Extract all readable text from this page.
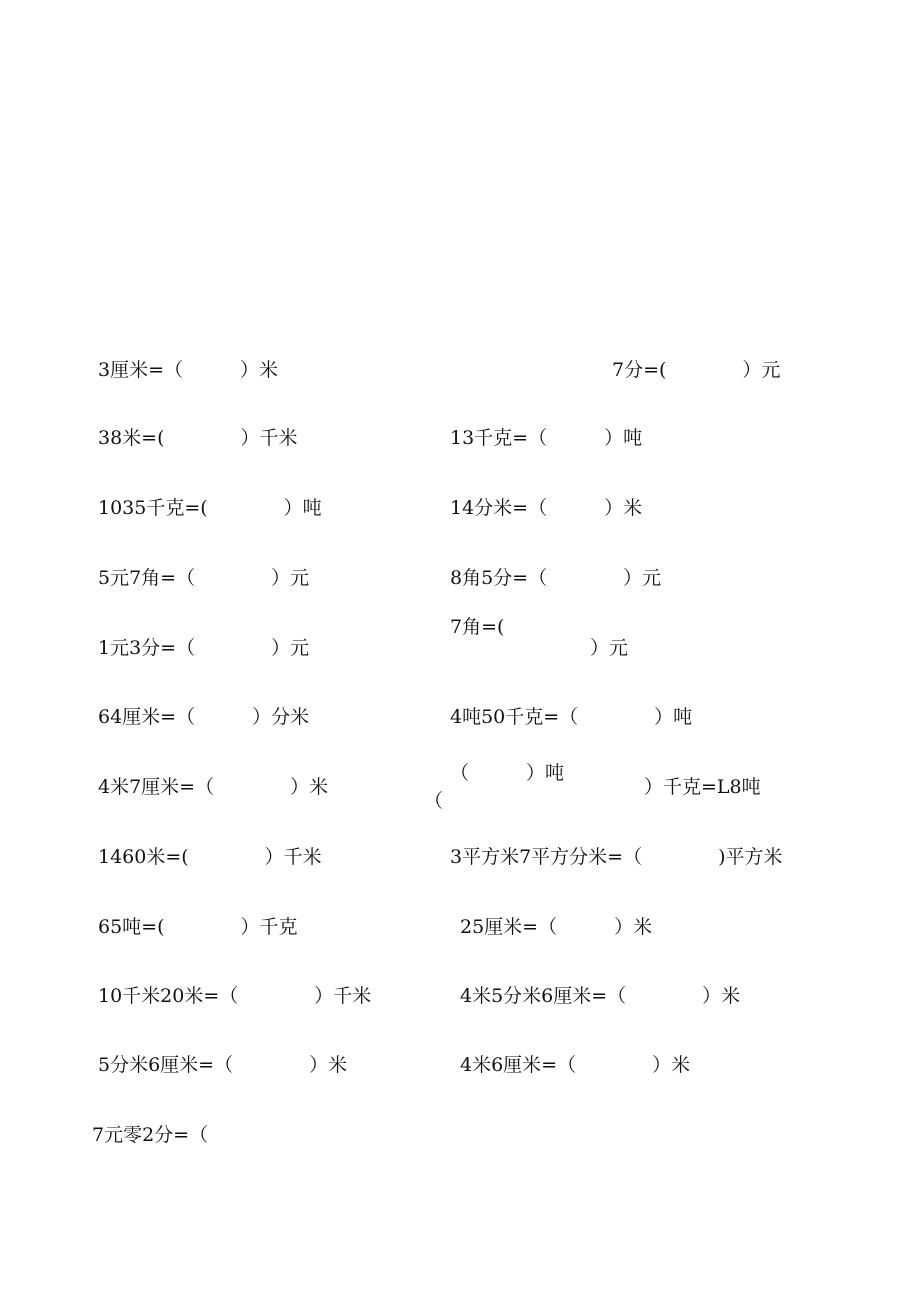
3厘米=（　　　）米
38米=(　　　　）千米
1035千克=(　　　　）吨
5元7角=（　　　　）元
1元3分=（　　　　）元
64厘米=（　　　）分米
4米7厘米=（　　　　）米
1460米=(　　　　）千米
65吨=(　　　　）千克
10千米20米=（　　　　）千米
5分米6厘米=（　　　　）米
7元零2分=（
7分=(　　　　）元
13千克=（　　　）吨
14分米=（　　　）米
8角5分=（　　　　）元
7角=(
）元
4吨50千克=（　　　　）吨
（　　　）吨
（
）千克=L8吨
3平方米7平方分米=（　　　　)平方米
25厘米=（　　　）米
4米5分米6厘米=（　　　　）米
4米6厘米=（　　　　）米
